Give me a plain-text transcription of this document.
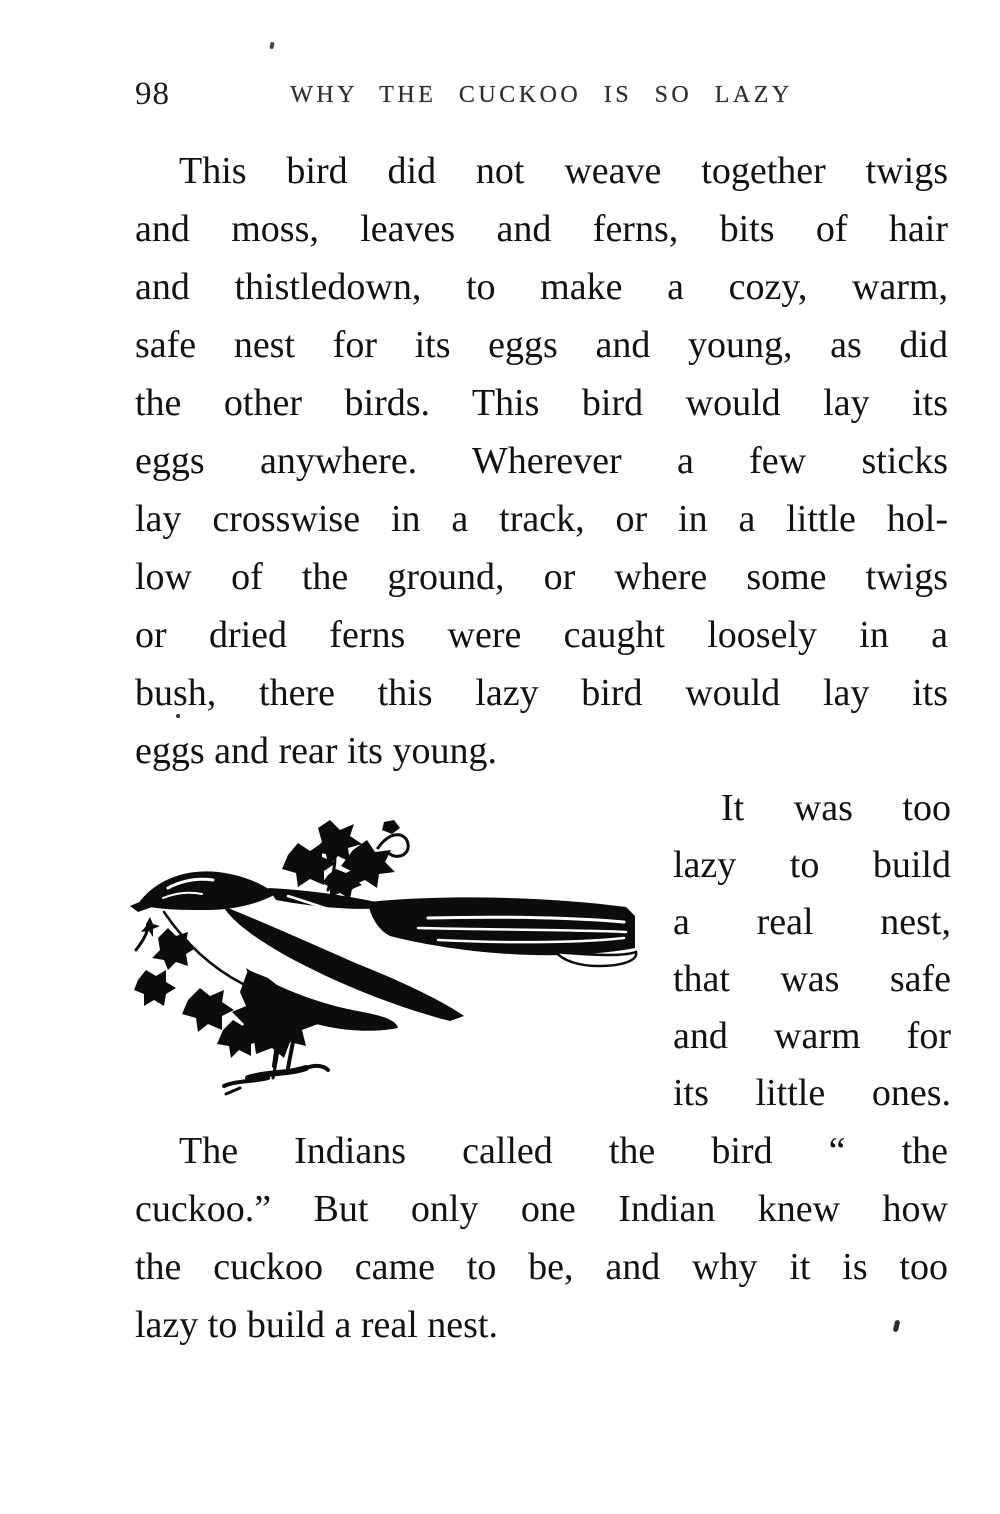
98	WHY THE CUCKOO IS SO LAZY
This bird did not weave together twigs
and moss, leaves and ferns, bits of hair
and thistledown, to make a cozy, warm,
safe nest for its eggs and young, as did
the other birds. This bird would lay its
eggs anywhere. Wherever a few sticks
lay crosswise in a track, or in a little hol-
low of the ground, or where some twigs
or dried ferns were caught loosely in a
bush, there this lazy bird would lay its
eggs and rear its young.
It was too
lazy to build
a real nest,
that was safe
and warm for
its little ones.
The Indians called the bird “ the
cuckoo.” But only one Indian knew how
the cuckoo came to be, and why it is too
lazy to build a real nest.
